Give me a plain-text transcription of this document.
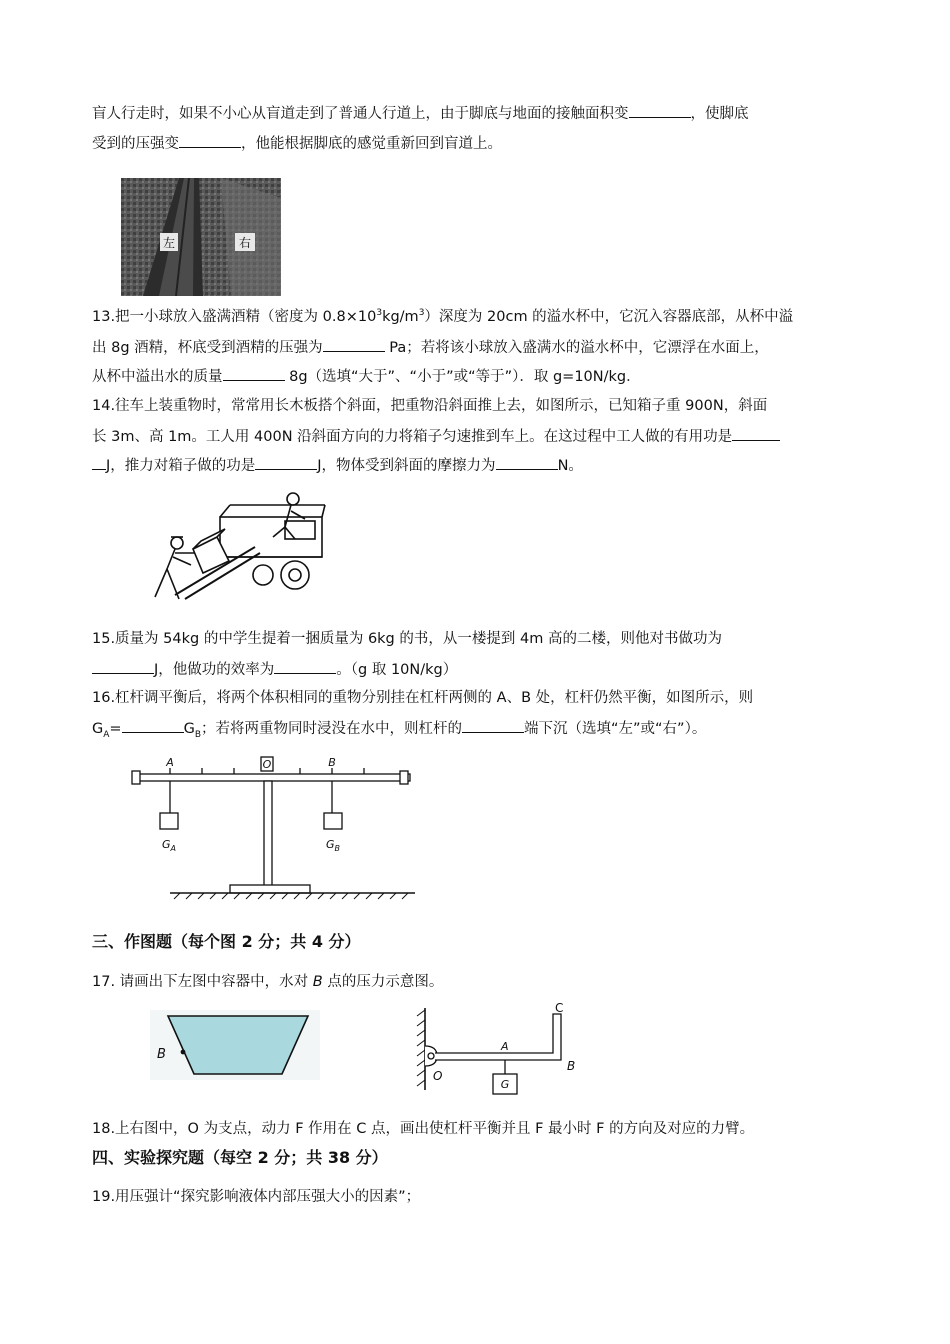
盲人行走时，如果不小心从盲道走到了普通人行道上，由于脚底与地面的接触面积变	，使脚底
受到的压强变	，他能根据脚底的感觉重新回到盲道上。
左	右
13.把一小球放入盛满酒精（密度为 $0.8\times 10^3kg/m^3$）深度为 20cm 的溢水杯中，它沉入容器底部，从杯中溢
出 8g 酒精，杯底受到酒精的压强为	Pa；若将该小球放入盛满水的溢水杯中，它漂浮在水面上，
从杯中溢出水的质量	8g（选填“大于”、“小于”或“等于”）．取 g=10N/kg．
14.往车上装重物时，常常用长木板搭个斜面，把重物沿斜面推上去，如图所示，已知箱子重 900N，斜面
长 3m、高 1m。工人用 400N 沿斜面方向的力将箱子匀速推到车上。在这过程中工人做的有用功是
J，推力对箱子做的功是	J，物体受到斜面的摩擦力为	N。
15.质量为 54kg 的中学生提着一捆质量为 6kg 的书，从一楼提到 4m 高的二楼，则他对书做功为
J，他做功的效率为	。（g 取 10N/kg）
16.杠杆调平衡后，将两个体积相同的重物分别挂在杠杆两侧的 A、B 处，杠杆仍然平衡，如图所示，则
$G_A=$	$G_B$；若将两重物同时浸没在水中，则杠杆的	端下沉（选填“左”或“右”）。
O
A	B
$G_A$	$G_B$
三、作图题（每个图 2 分；共 4 分）
17. 请画出下左图中容器中，水对 B 点的压力示意图。
B
O
C
B
A
G
18.上右图中，O 为支点，动力 F 作用在 C 点，画出使杠杆平衡并且 F 最小时 F 的方向及对应的力臂。
四、实验探究题（每空 2 分；共 38 分）
19.用压强计“探究影响液体内部压强大小的因素”；
